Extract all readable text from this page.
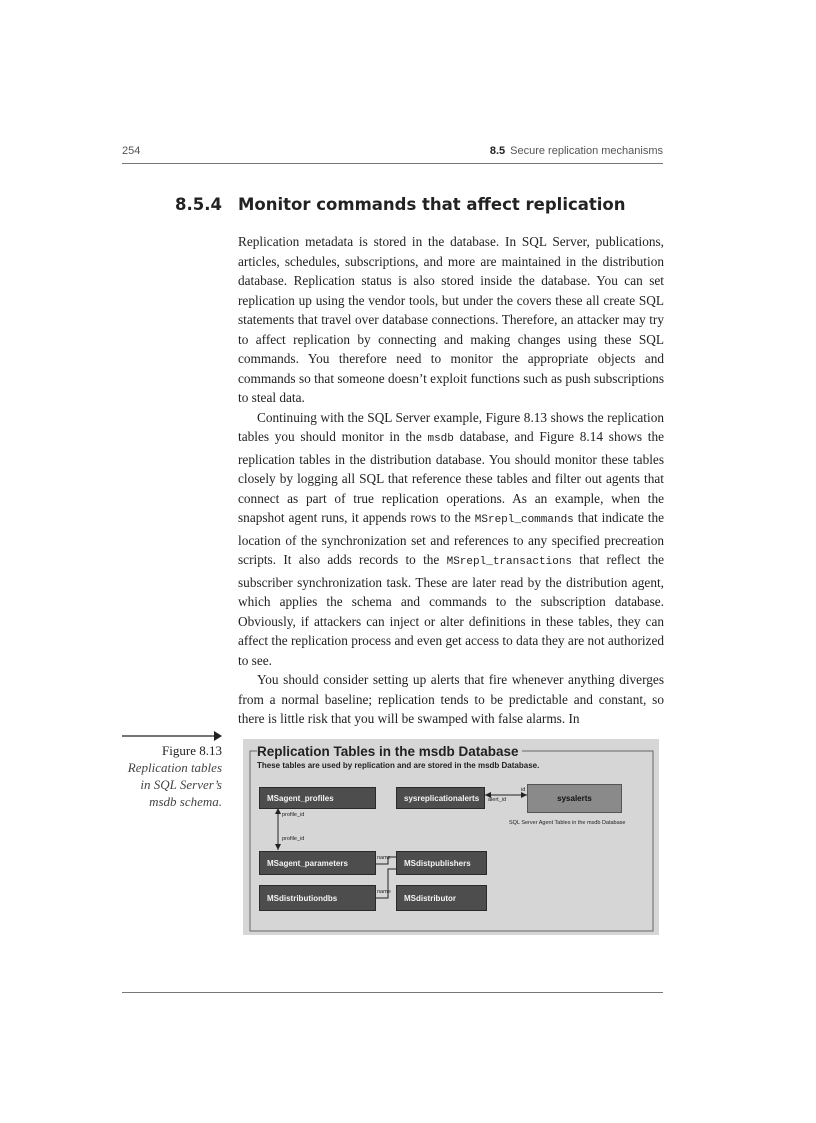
254	8.5 Secure replication mechanisms
8.5.4 Monitor commands that affect replication

Replication metadata is stored in the database. In SQL Server, publications, articles, schedules, subscriptions, and more are maintained in the distribution database. Replication status is also stored inside the database. You can set replication up using the vendor tools, but under the covers these all create SQL statements that travel over database connections. Therefore, an attacker may try to affect replication by connecting and making changes using these SQL commands. You therefore need to monitor the appropriate objects and commands so that someone doesn’t exploit functions such as push subscriptions to steal data.

Continuing with the SQL Server example, Figure 8.13 shows the replication tables you should monitor in the msdb database, and Figure 8.14 shows the replication tables in the distribution database. You should monitor these tables closely by logging all SQL that reference these tables and filter out agents that connect as part of true replication operations. As an example, when the snapshot agent runs, it appends rows to the MSrepl_commands that indicate the location of the synchronization set and references to any specified precreation scripts. It also adds records to the MSrepl_transactions that reflect the subscriber synchronization task. These are later read by the distribution agent, which applies the schema and commands to the subscription database. Obviously, if attackers can inject or alter definitions in these tables, they can affect the replication process and even get access to data they are not authorized to see.

You should consider setting up alerts that fire whenever anything diverges from a normal baseline; replication tends to be predictable and constant, so there is little risk that you will be swamped with false alarms. In

Figure 8.13
Replication tables in SQL Server’s msdb schema.
Replication Tables in the msdb Database
These tables are used by replication and are stored in the msdb Database.
MSagent_profiles	sysreplicationalerts	sysalerts
MSagent_parameters	MSdistpublishers
MSdistributiondbs	MSdistributor
profile_id
profile_id
id
alert_id
name
name
SQL Server Agent Tables in the msdb Database
